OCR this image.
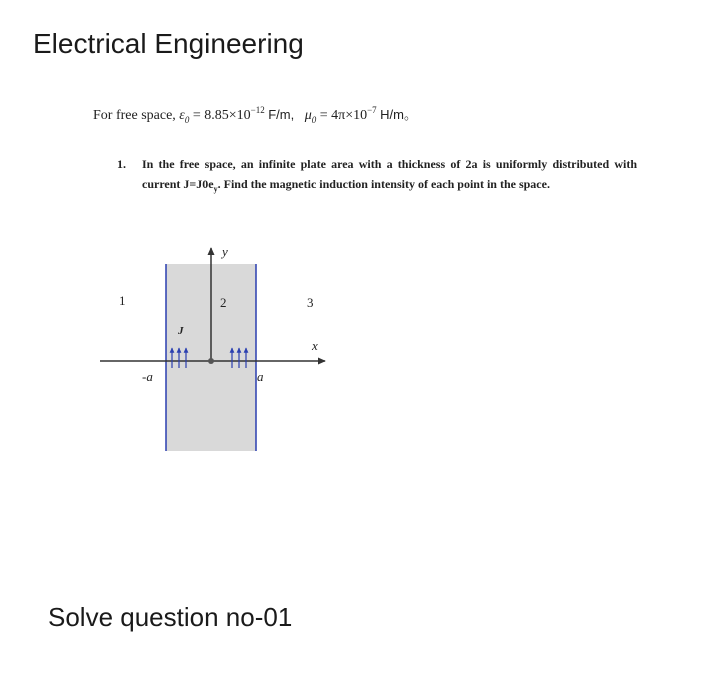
Electrical Engineering
For free space, $\varepsilon_0 = 8.85\times 10^{-12}$ F/m, $\mu_0 = 4\pi\times 10^{-7}$ H/m。
1. In the free space, an infinite plate area with a thickness of 2a is uniformly distributed with current $J=J0e_y$. Find the magnetic induction intensity of each point in the space.
y
x
J
1	2	3
-a	a

Solve question no-01
